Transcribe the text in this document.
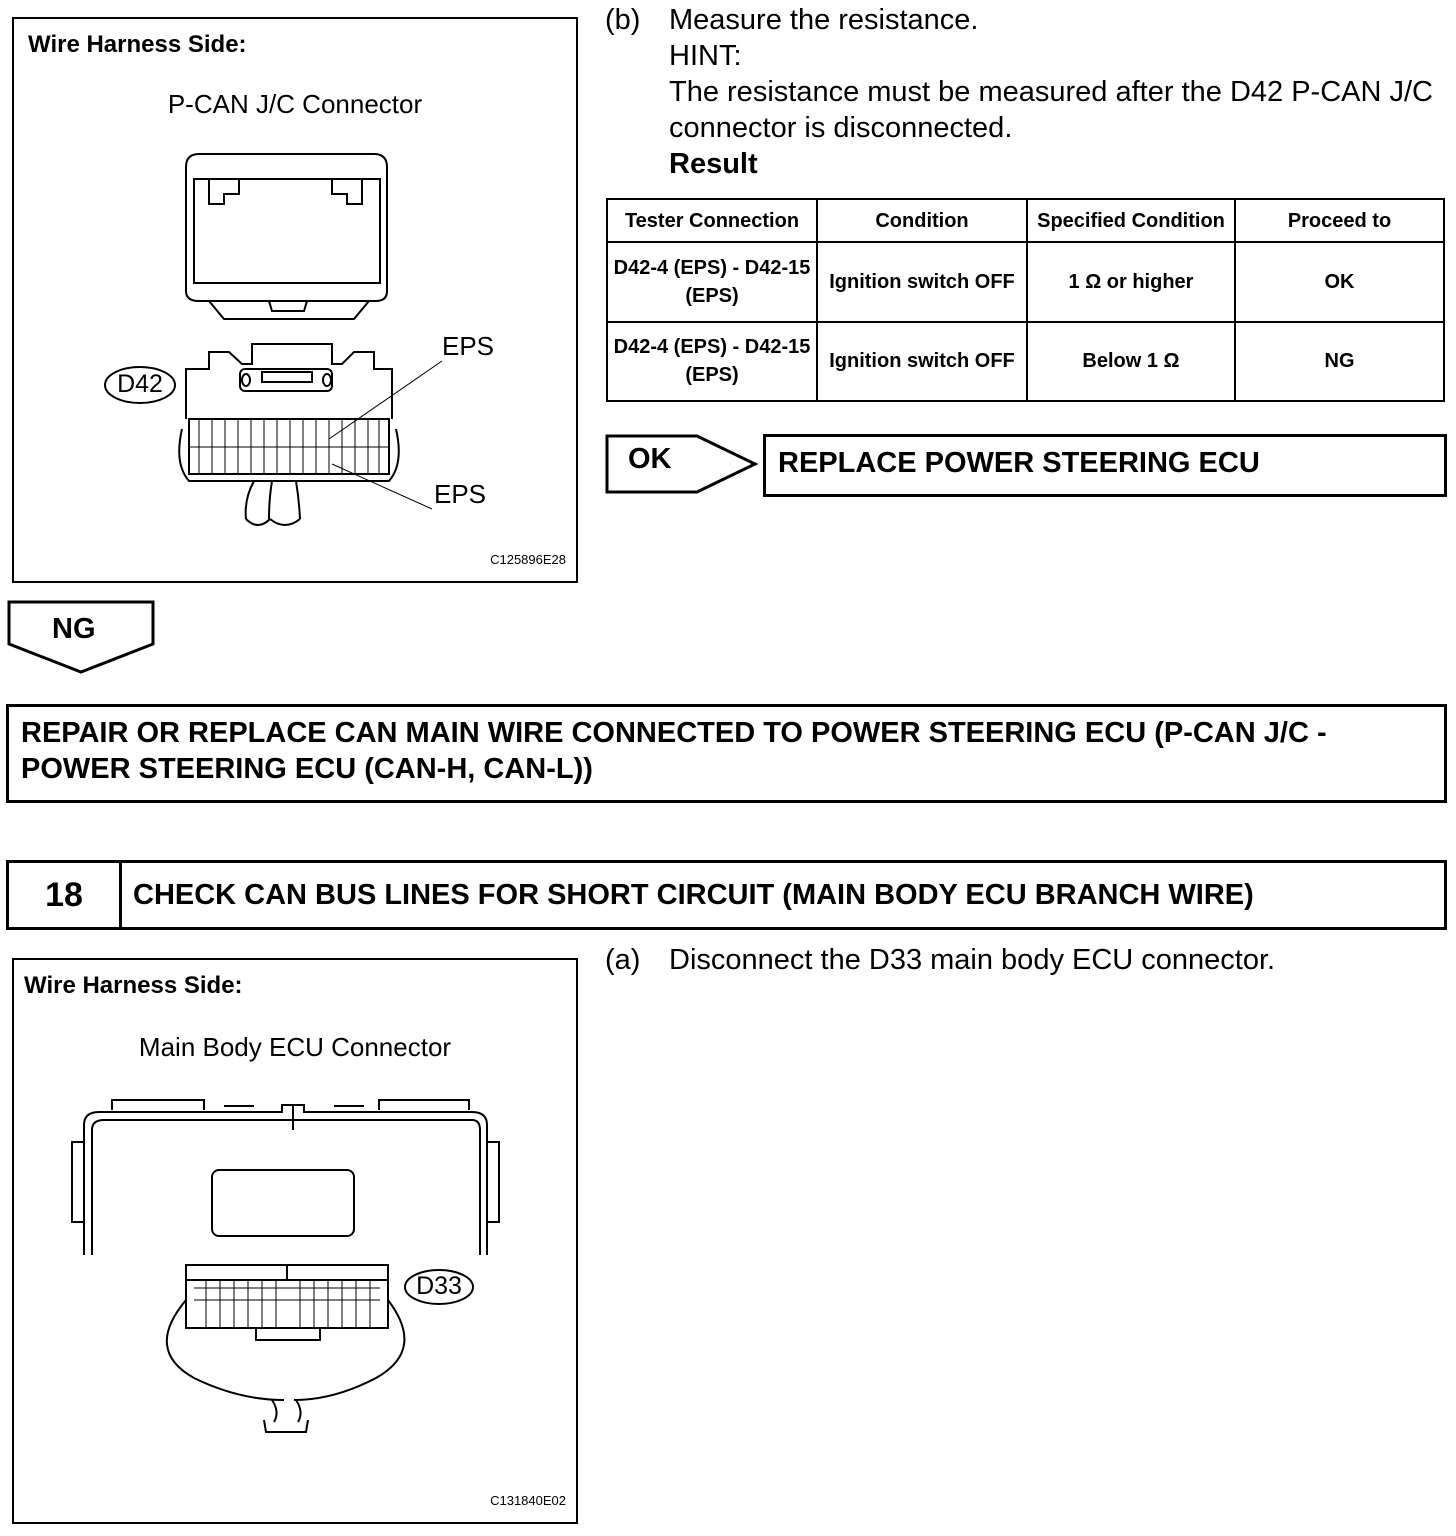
Wire Harness Side:
P-CAN J/C Connector
D42
EPS
EPS
C125896E28
(b) Measure the resistance.
HINT:
The resistance must be measured after the D42 P-CAN J/C connector is disconnected.
Result
Tester Connection	Condition	Specified Condition	Proceed to
D42-4 (EPS) - D42-15 (EPS)	Ignition switch OFF	1 Ω or higher	OK
D42-4 (EPS) - D42-15 (EPS)	Ignition switch OFF	Below 1 Ω	NG
OK	REPLACE POWER STEERING ECU
NG
REPAIR OR REPLACE CAN MAIN WIRE CONNECTED TO POWER STEERING ECU (P-CAN J/C -
POWER STEERING ECU (CAN-H, CAN-L))
18	CHECK CAN BUS LINES FOR SHORT CIRCUIT (MAIN BODY ECU BRANCH WIRE)
Wire Harness Side:
Main Body ECU Connector
D33
C131840E02
(a) Disconnect the D33 main body ECU connector.
